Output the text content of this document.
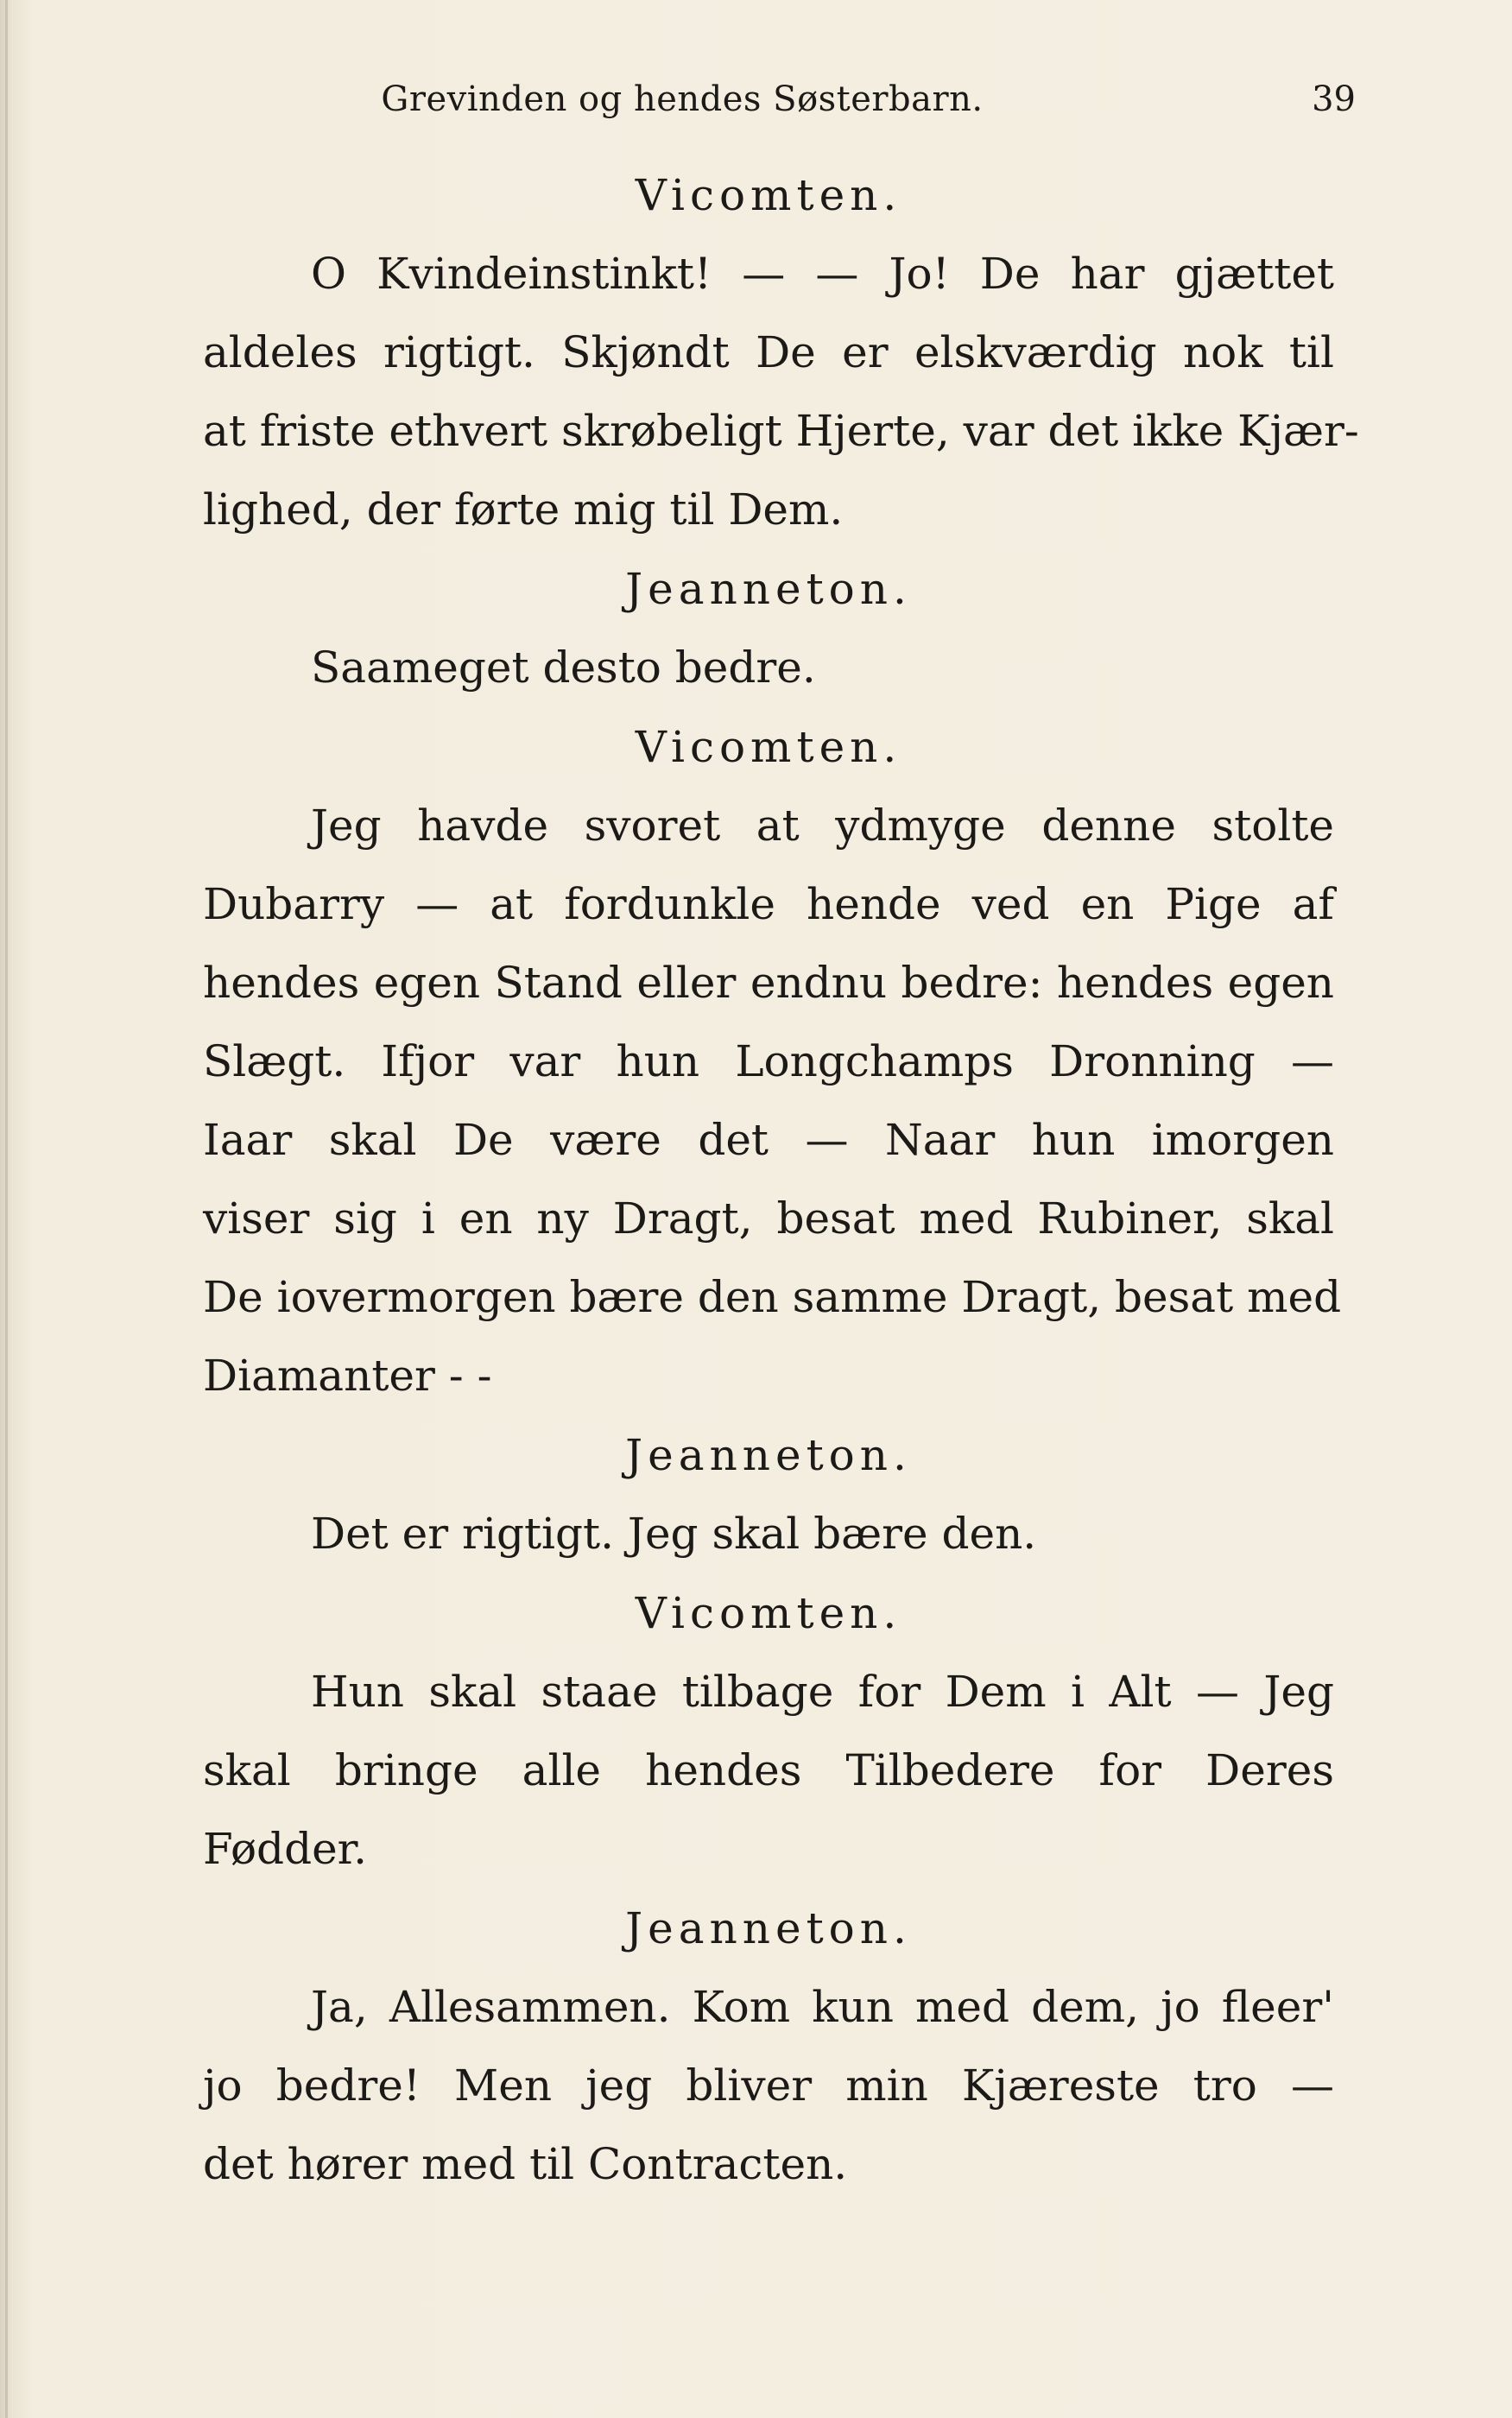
Grevinden og hendes Søsterbarn.	39
Vicomten.
O Kvindeinstinkt! — — Jo! De har gjættet
aldeles rigtigt. Skjøndt De er elskværdig nok til
at friste ethvert skrøbeligt Hjerte, var det ikke Kjær-
lighed, der førte mig til Dem.
Jeanneton.
Saameget desto bedre.
Vicomten.
Jeg havde svoret at ydmyge denne stolte
Dubarry — at fordunkle hende ved en Pige af
hendes egen Stand eller endnu bedre: hendes egen
Slægt. Ifjor var hun Longchamps Dronning —
Iaar skal De være det — Naar hun imorgen
viser sig i en ny Dragt, besat med Rubiner, skal
De iovermorgen bære den samme Dragt, besat med
Diamanter - -
Jeanneton.
Det er rigtigt. Jeg skal bære den.
Vicomten.
Hun skal staae tilbage for Dem i Alt — Jeg
skal bringe alle hendes Tilbedere for Deres
Fødder.
Jeanneton.
Ja, Allesammen. Kom kun med dem, jo fleer'
jo bedre! Men jeg bliver min Kjæreste tro —
det hører med til Contracten.
